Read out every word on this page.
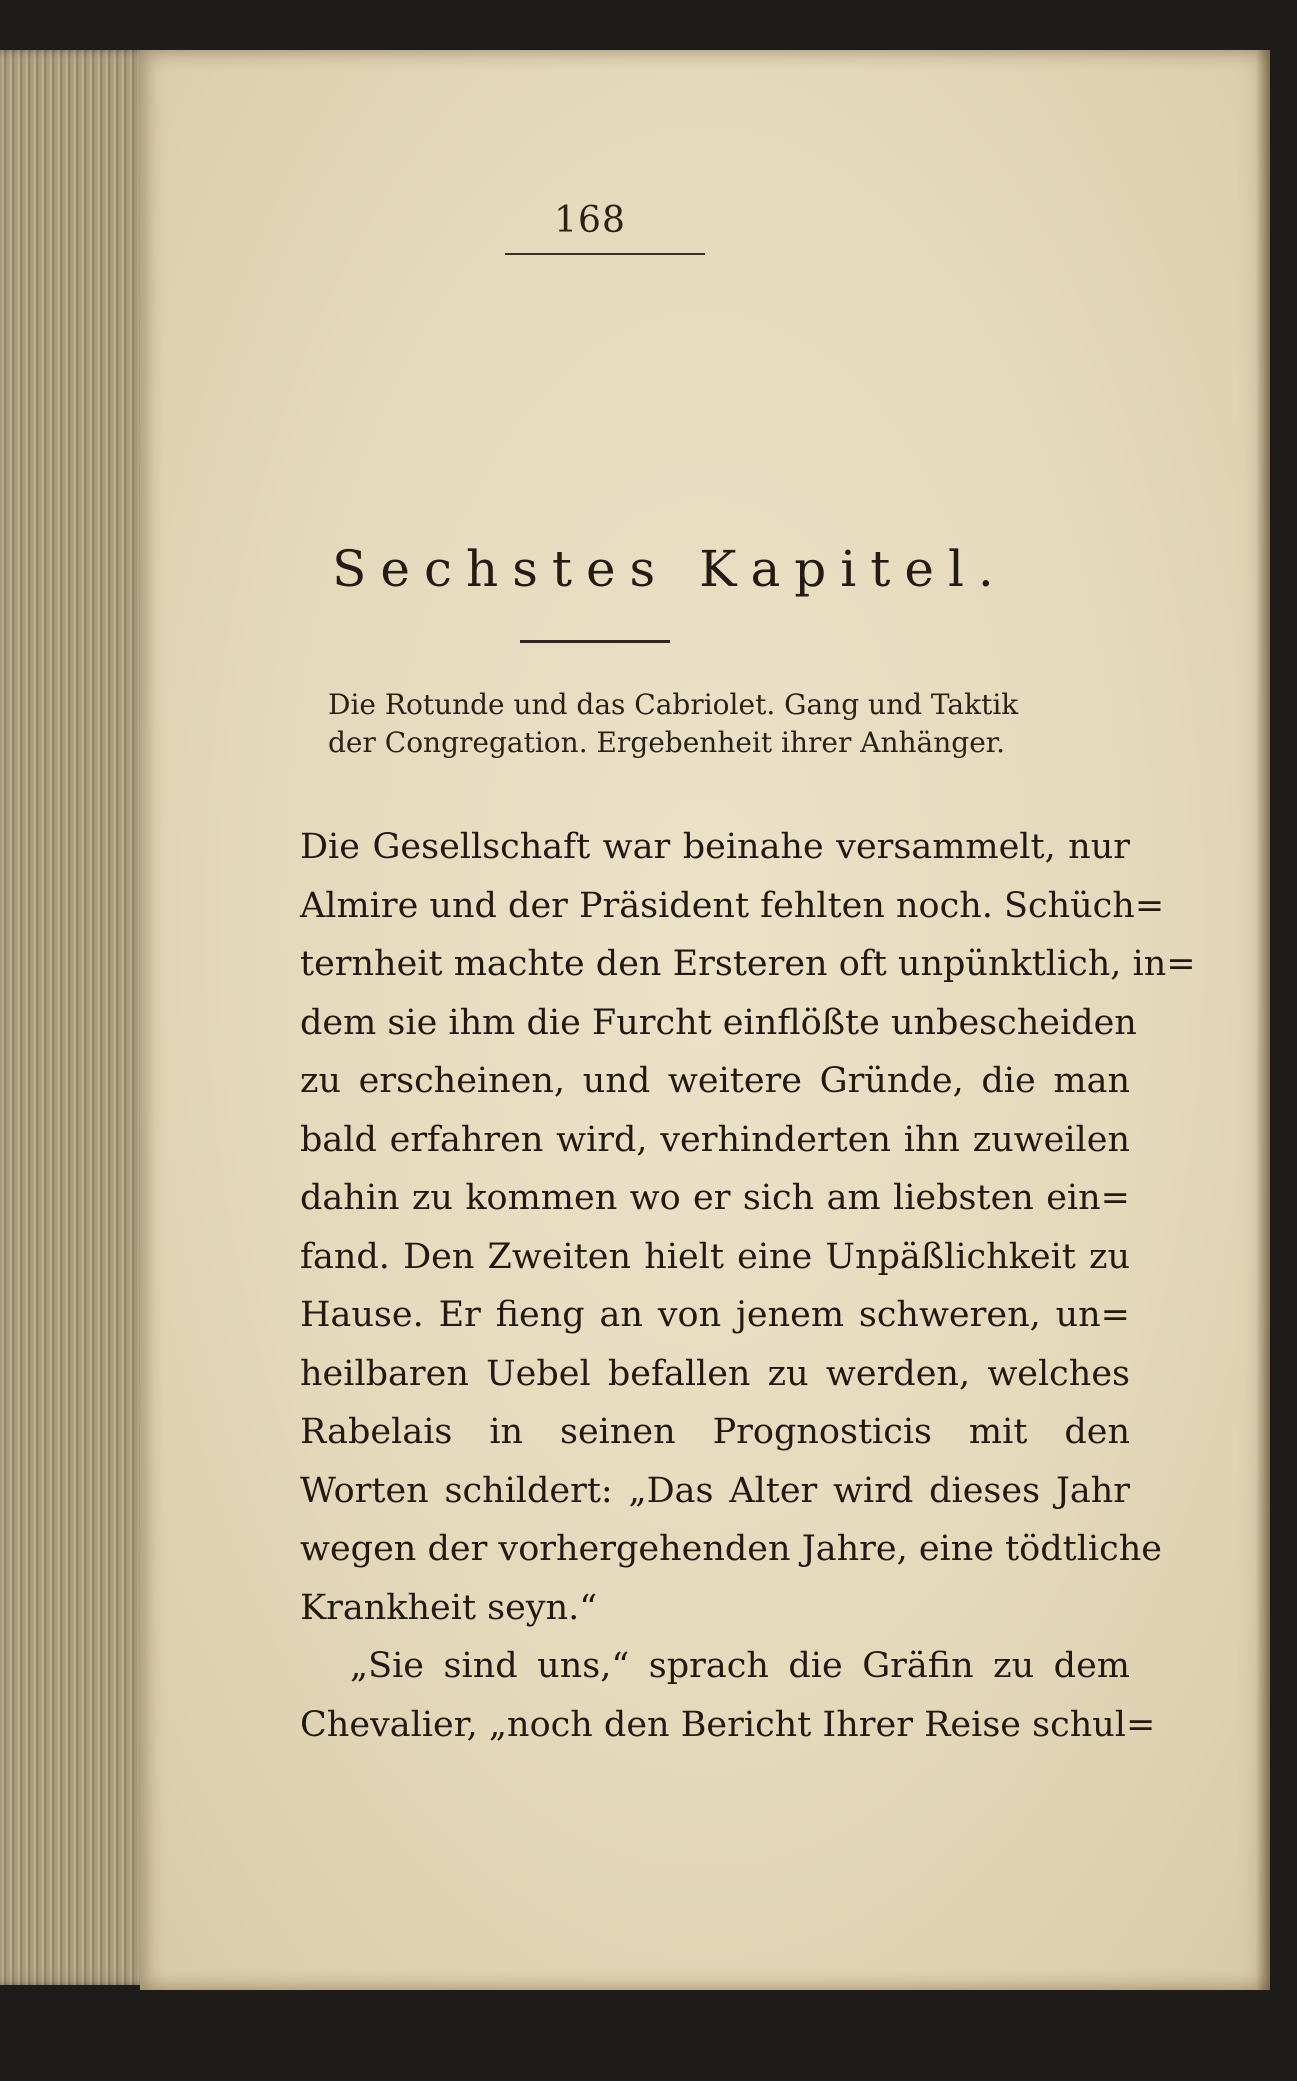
168
Sechstes Kapitel.
Die Rotunde und das Cabriolet. Gang und Taktik
der Congregation. Ergebenheit ihrer Anhänger.
Die Gesellschaft war beinahe versammelt, nur
Almire und der Präsident fehlten noch. Schüch=
ternheit machte den Ersteren oft unpünktlich, in=
dem sie ihm die Furcht einflößte unbescheiden
zu erscheinen, und weitere Gründe, die man
bald erfahren wird, verhinderten ihn zuweilen
dahin zu kommen wo er sich am liebsten ein=
fand. Den Zweiten hielt eine Unpäßlichkeit zu
Hause. Er fieng an von jenem schweren, un=
heilbaren Uebel befallen zu werden, welches
Rabelais in seinen Prognosticis mit den
Worten schildert: „Das Alter wird dieses Jahr
wegen der vorhergehenden Jahre, eine tödtliche
Krankheit seyn.“
„Sie sind uns,“ sprach die Gräfin zu dem
Chevalier, „noch den Bericht Ihrer Reise schul=
